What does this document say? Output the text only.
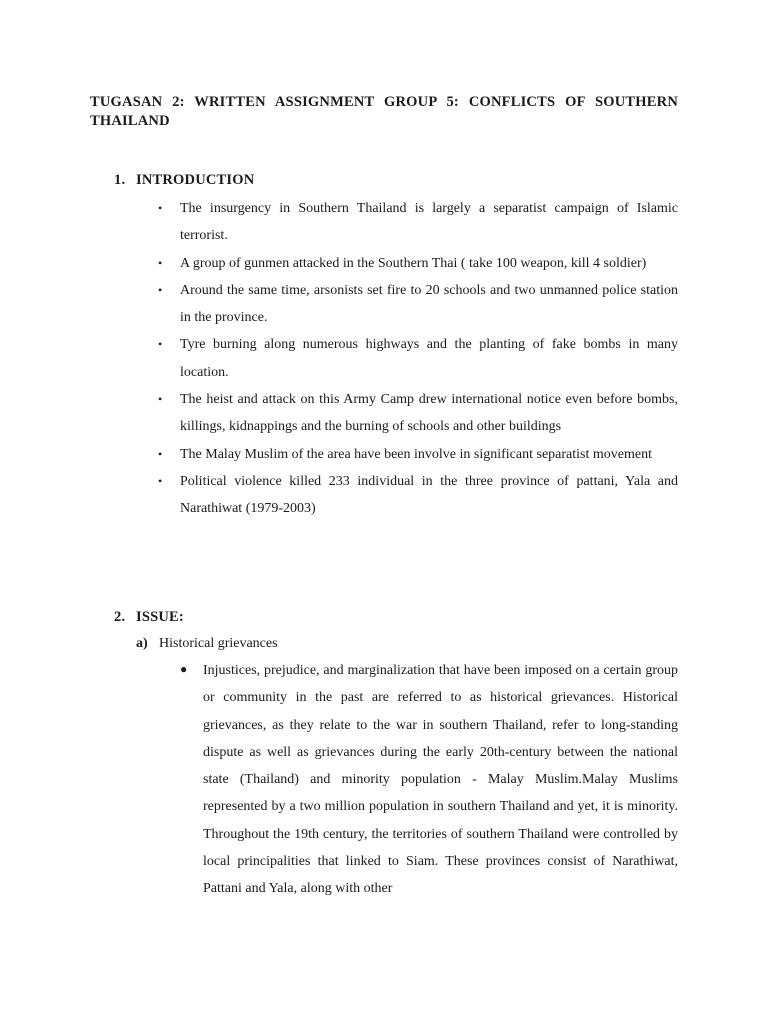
TUGASAN 2: WRITTEN ASSIGNMENT GROUP 5: CONFLICTS OF SOUTHERN THAILAND
1. INTRODUCTION
• The insurgency in Southern Thailand is largely a separatist campaign of Islamic terrorist.
• A group of gunmen attacked in the Southern Thai ( take 100 weapon, kill 4 soldier)
• Around the same time, arsonists set fire to 20 schools and two unmanned police station in the province.
• Tyre burning along numerous highways and the planting of fake bombs in many location.
• The heist and attack on this Army Camp drew international notice even before bombs, killings, kidnappings and the burning of schools and other buildings
• The Malay Muslim of the area have been involve in significant separatist movement
• Political violence killed 233 individual in the three province of pattani, Yala and Narathiwat (1979-2003)
2. ISSUE:
a) Historical grievances
● Injustices, prejudice, and marginalization that have been imposed on a certain group or community in the past are referred to as historical grievances. Historical grievances, as they relate to the war in southern Thailand, refer to long-standing dispute as well as grievances during the early 20th-century between the national state (Thailand) and minority population - Malay Muslim.Malay Muslims represented by a two million population in southern Thailand and yet, it is minority. Throughout the 19th century, the territories of southern Thailand were controlled by local principalities that linked to Siam. These provinces consist of Narathiwat, Pattani and Yala, along with other
